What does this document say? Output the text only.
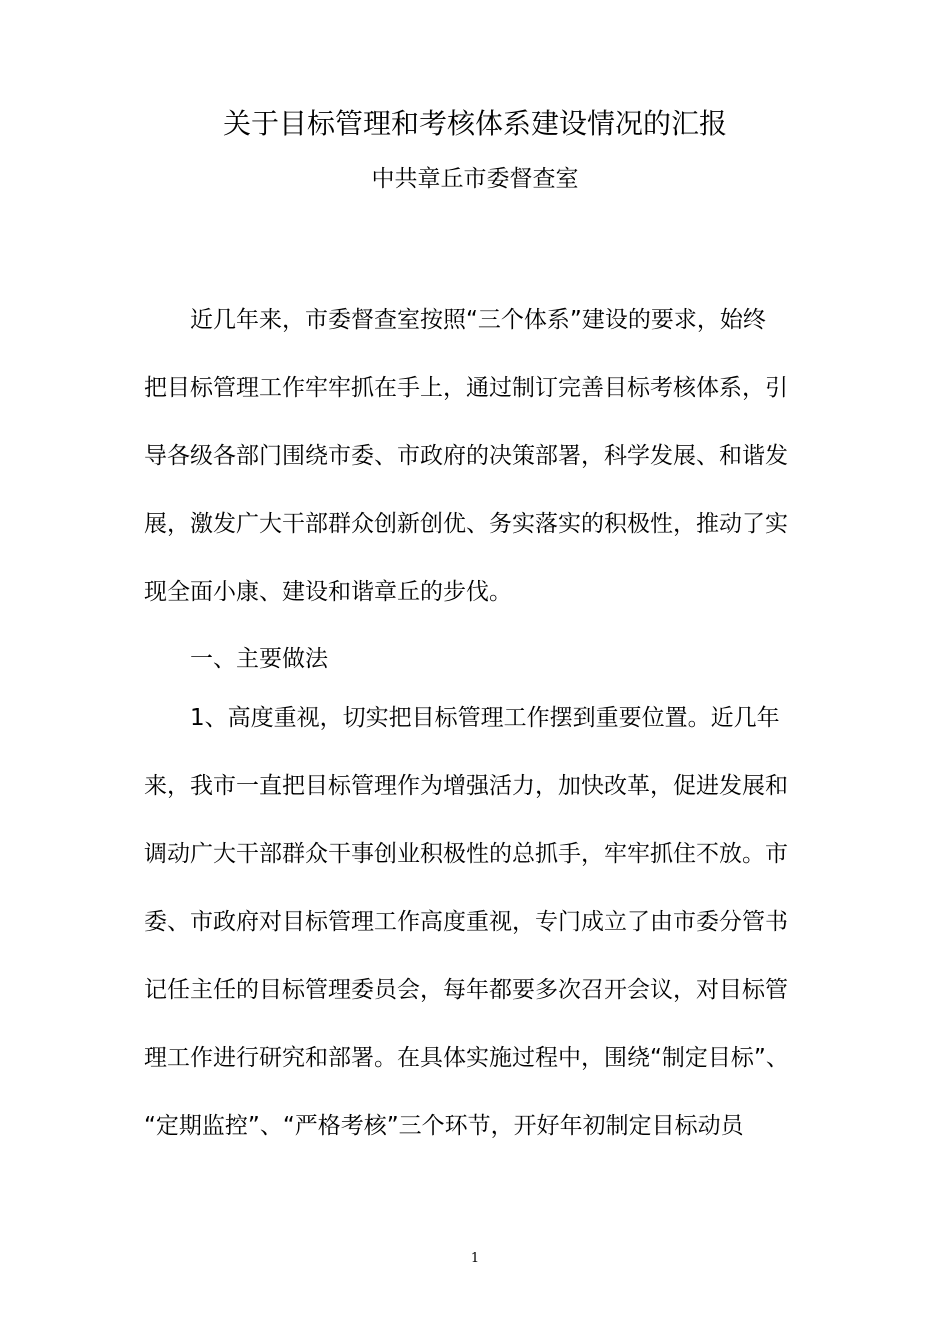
关于目标管理和考核体系建设情况的汇报
中共章丘市委督查室
近几年来，市委督查室按照“三个体系”建设的要求，始终
把目标管理工作牢牢抓在手上，通过制订完善目标考核体系，引
导各级各部门围绕市委、市政府的决策部署，科学发展、和谐发
展，激发广大干部群众创新创优、务实落实的积极性，推动了实
现全面小康、建设和谐章丘的步伐。
一、主要做法
1、高度重视，切实把目标管理工作摆到重要位置。近几年
来，我市一直把目标管理作为增强活力，加快改革，促进发展和
调动广大干部群众干事创业积极性的总抓手，牢牢抓住不放。市
委、市政府对目标管理工作高度重视，专门成立了由市委分管书
记任主任的目标管理委员会，每年都要多次召开会议，对目标管
理工作进行研究和部署。在具体实施过程中，围绕“制定目标”、
“定期监控”、“严格考核”三个环节，开好年初制定目标动员
1
